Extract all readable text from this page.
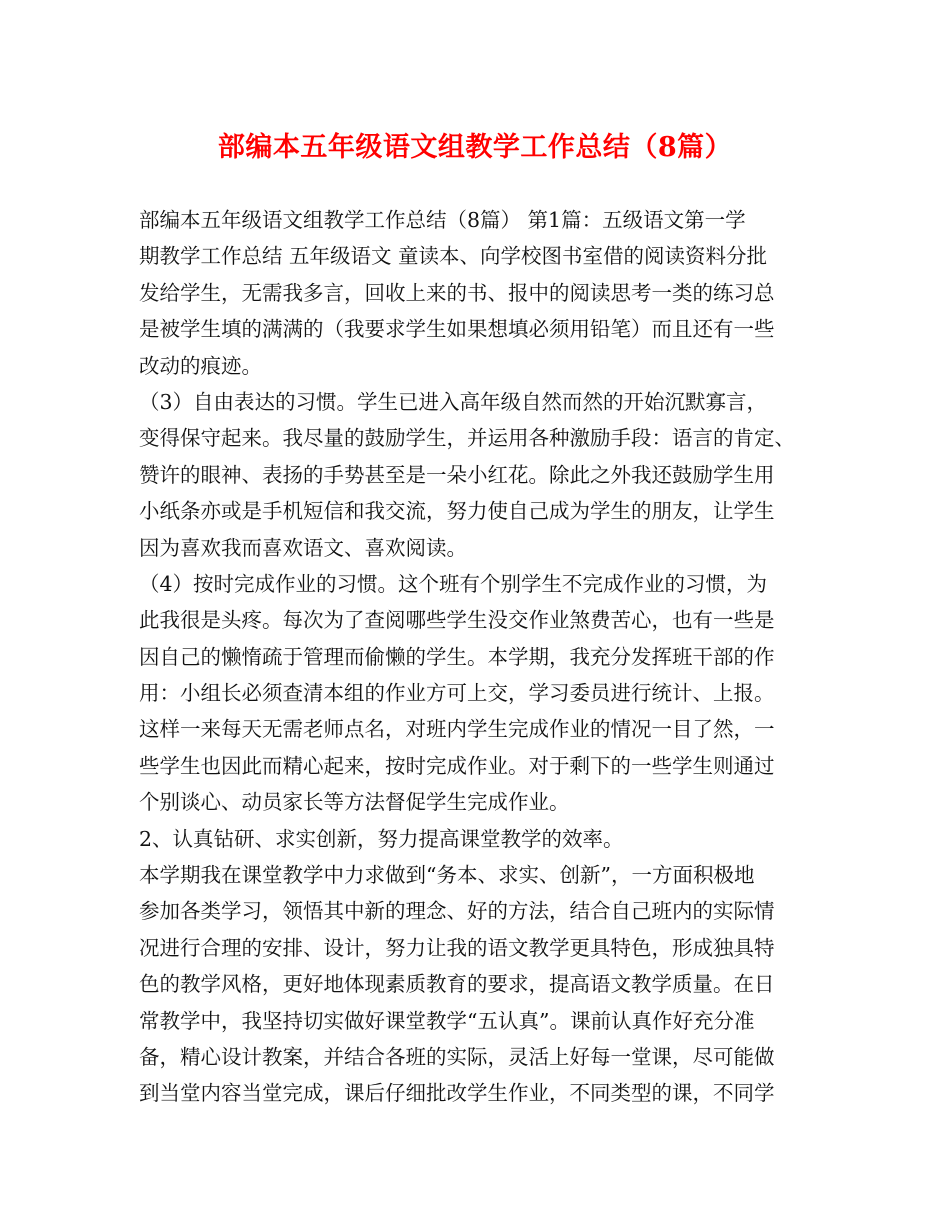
部编本五年级语文组教学工作总结（8篇）
部编本五年级语文组教学工作总结（8篇） 第1篇：五级语文第一学
期教学工作总结 五年级语文 童读本、向学校图书室借的阅读资料分批
发给学生，无需我多言，回收上来的书、报中的阅读思考一类的练习总
是被学生填的满满的（我要求学生如果想填必须用铅笔）而且还有一些
改动的痕迹。
（3）自由表达的习惯。学生已进入高年级自然而然的开始沉默寡言，
变得保守起来。我尽量的鼓励学生，并运用各种激励手段：语言的肯定、
赞许的眼神、表扬的手势甚至是一朵小红花。除此之外我还鼓励学生用
小纸条亦或是手机短信和我交流，努力使自己成为学生的朋友，让学生
因为喜欢我而喜欢语文、喜欢阅读。
（4）按时完成作业的习惯。这个班有个别学生不完成作业的习惯，为
此我很是头疼。每次为了查阅哪些学生没交作业煞费苦心，也有一些是
因自己的懒惰疏于管理而偷懒的学生。本学期，我充分发挥班干部的作
用：小组长必须查清本组的作业方可上交，学习委员进行统计、上报。
这样一来每天无需老师点名，对班内学生完成作业的情况一目了然，一
些学生也因此而精心起来，按时完成作业。对于剩下的一些学生则通过
个别谈心、动员家长等方法督促学生完成作业。
2、认真钻研、求实创新，努力提高课堂教学的效率。
本学期我在课堂教学中力求做到“务本、求实、创新”，一方面积极地
参加各类学习，领悟其中新的理念、好的方法，结合自己班内的实际情
况进行合理的安排、设计，努力让我的语文教学更具特色，形成独具特
色的教学风格，更好地体现素质教育的要求，提高语文教学质量。在日
常教学中，我坚持切实做好课堂教学“五认真”。课前认真作好充分准
备，精心设计教案，并结合各班的实际，灵活上好每一堂课，尽可能做
到当堂内容当堂完成，课后仔细批改学生作业，不同类型的课，不同学
